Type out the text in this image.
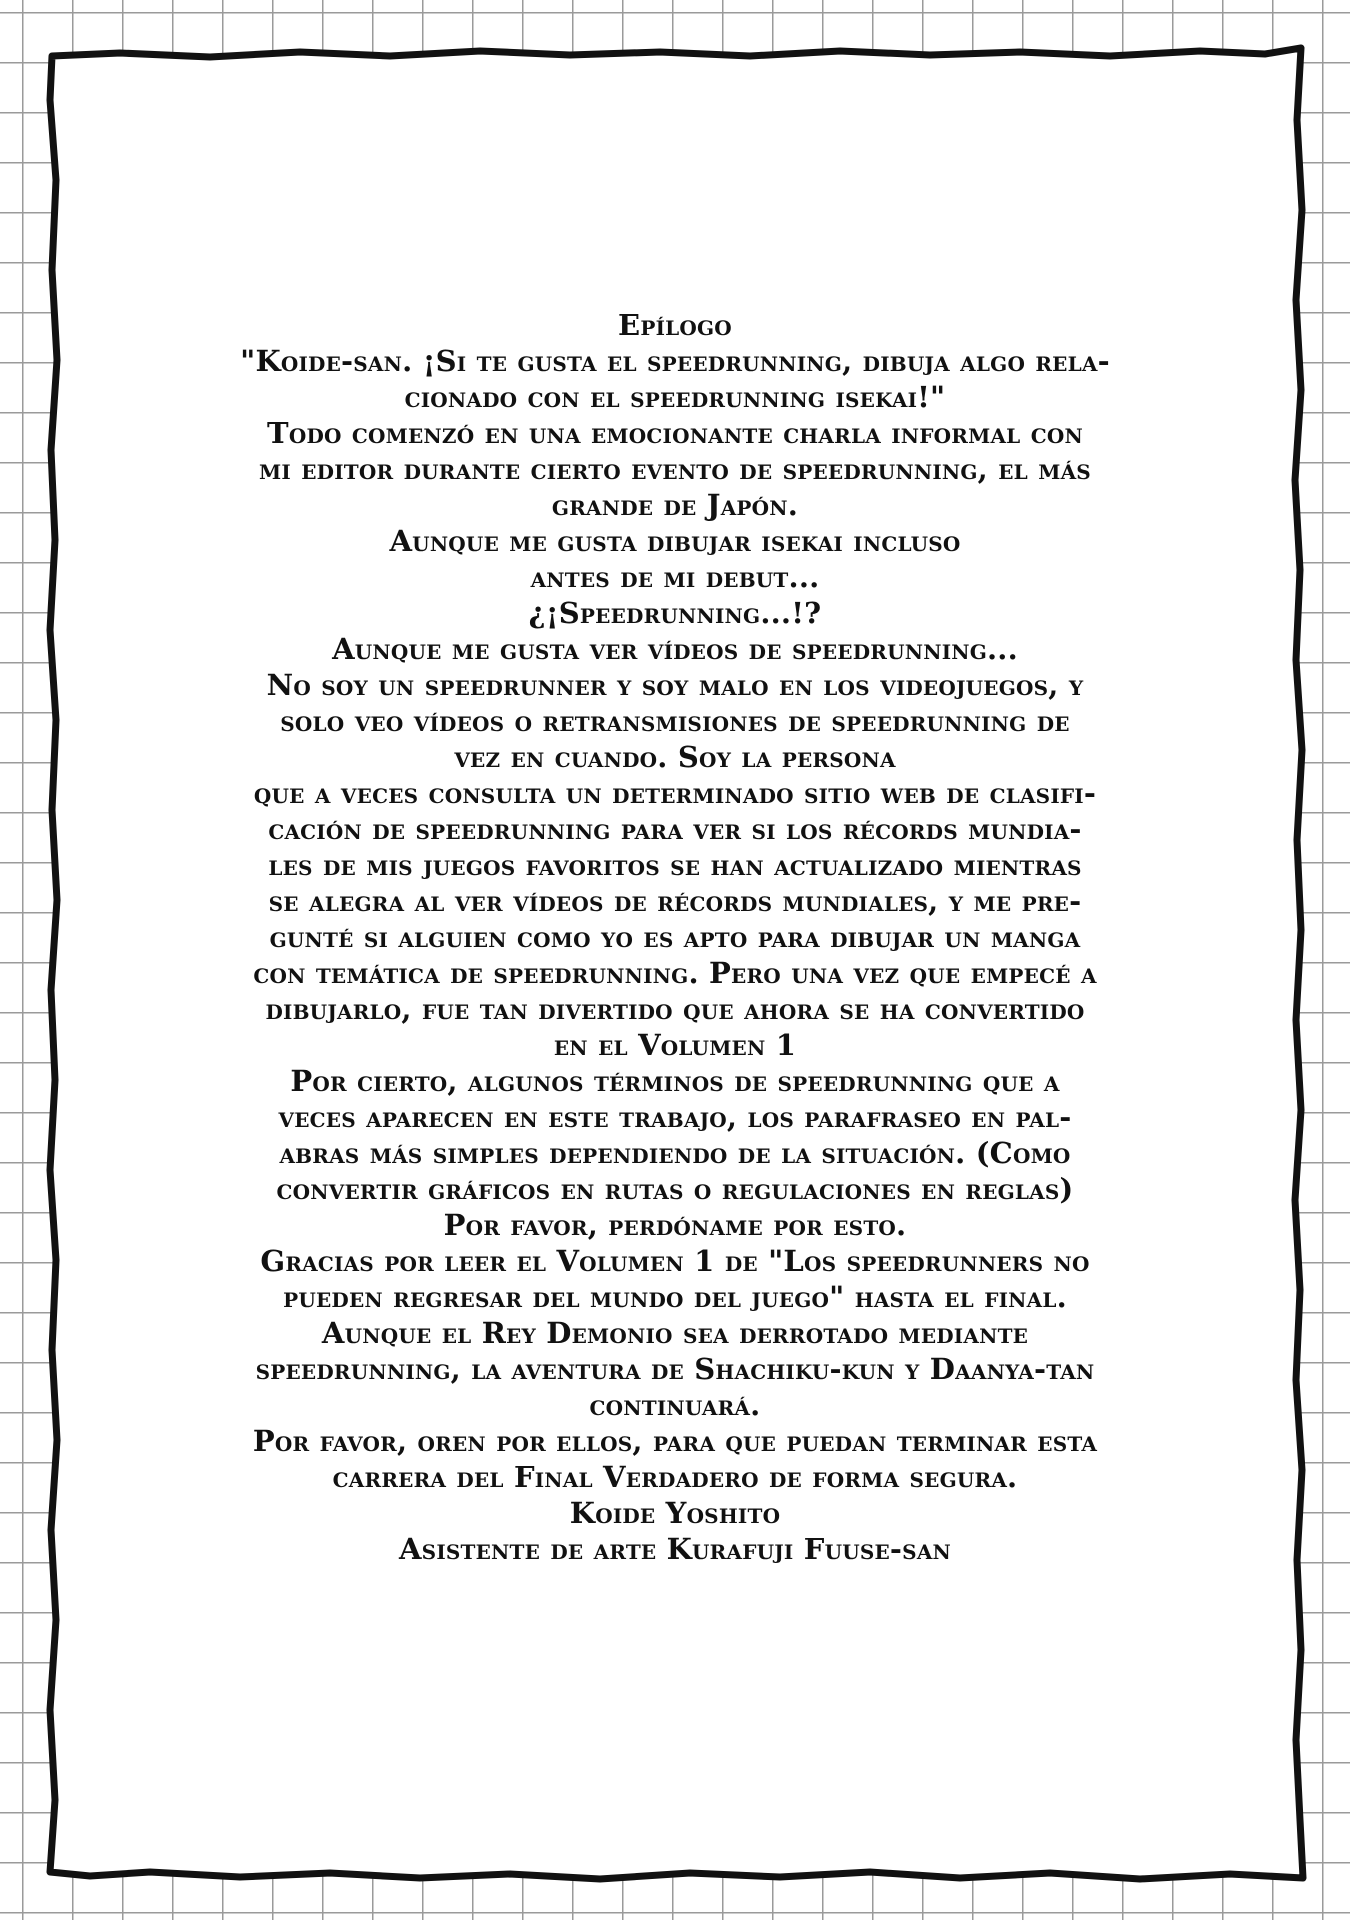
Epílogo
"Koide-san. ¡Si te gusta el speedrunning, dibuja algo rela-
cionado con el speedrunning isekai!"
Todo comenzó en una emocionante charla informal con
mi editor durante cierto evento de speedrunning, el más
grande de Japón.
Aunque me gusta dibujar isekai incluso
antes de mi debut...
¿¡Speedrunning...!?
Aunque me gusta ver vídeos de speedrunning...
No soy un speedrunner y soy malo en los videojuegos, y
solo veo vídeos o retransmisiones de speedrunning de
vez en cuando. Soy la persona
que a veces consulta un determinado sitio web de clasifi-
cación de speedrunning para ver si los récords mundia-
les de mis juegos favoritos se han actualizado mientras
se alegra al ver vídeos de récords mundiales, y me pre-
gunté si alguien como yo es apto para dibujar un manga
con temática de speedrunning. Pero una vez que empecé a
dibujarlo, fue tan divertido que ahora se ha convertido
en el Volumen 1
Por cierto, algunos términos de speedrunning que a
veces aparecen en este trabajo, los parafraseo en pal-
abras más simples dependiendo de la situación. (Como
convertir gráficos en rutas o regulaciones en reglas)
Por favor, perdóname por esto.
Gracias por leer el Volumen 1 de "Los speedrunners no
pueden regresar del mundo del juego" hasta el final.
Aunque el Rey Demonio sea derrotado mediante
speedrunning, la aventura de Shachiku-kun y Daanya-tan
continuará.
Por favor, oren por ellos, para que puedan terminar esta
carrera del Final Verdadero de forma segura.
Koide Yoshito
Asistente de arte Kurafuji Fuuse-san
